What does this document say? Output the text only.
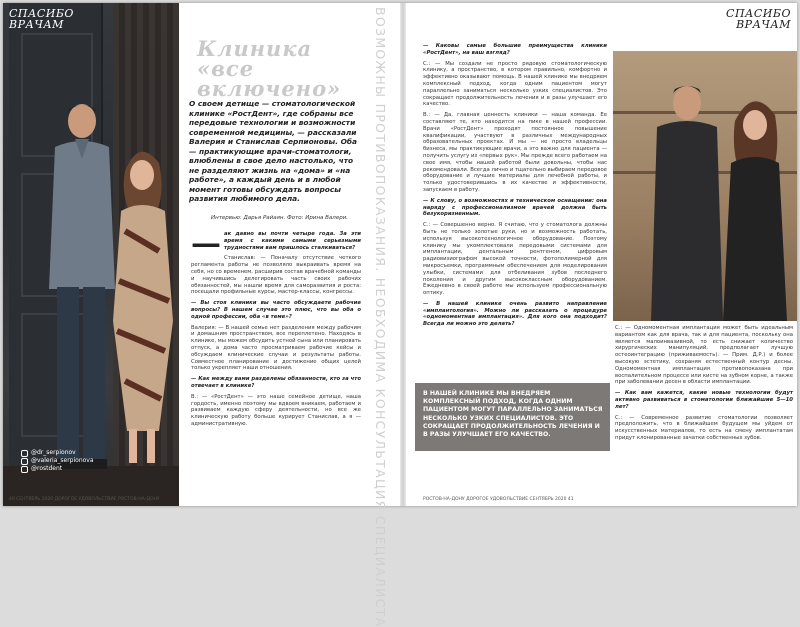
СПАСИБО
ВРАЧАМ
@dr_serpionov
@valeria_serpionova
@rostdent
Клиника
«все
включено»
О своем детище — стоматологической клинике «РостДент», где собраны все передовые технологии и возможности современной медицины, — рассказали Валерия и Станислав Серпионовы. Оба — практикующие врачи-стоматологи, влюблены в свое дело настолько, что не разделяют жизнь на «дома» и «на работе», а каждый день и в любой момент готовы обсуждать вопросы развития любимого дела.
Интервью: Дарья Райаян. Фото: Ирина Валери.

— ак давно вы почти четыре года. За эти время с какими самыми серьезными трудностями вам пришлось сталкиваться?

Станислав: — Поначалу отсутствие четкого регламента работы не позволяло выкраивать время на себя, но со временем, расширив состав врачебной команды и научившись делегировать часть своих рабочих обязанностей, мы нашли время для саморазвития и роста: посещали профильные курсы, мастер-классы, конгрессы.

— Вы стоя клиники вы часто обсуждаете рабочие вопросы? В нашем случае это плюс, что вы оба о одной профессии, оба «в теме»?

Валерия: — В нашей семье нет разделения между рабочим и домашним пространством, все переплетено. Находясь в клинике, мы можем обсудить устной сына или планировать отпуск, а дома часто просматриваем рабочие кейсы и обсуждаем клинические случаи и результаты работы. Совместное планирование и достижение общих целей только укрепляет наши отношения.

— Как между вами разделены обязанности, кто за что отвечает в клинике?

В.: — «РостДент» — это наше семейное детище, наша гордость, именно поэтому мы вдвоем вникаем, работаем и развиваем каждую сферу деятельности, но все же клиническую работу больше курирует Станислав, а я — административную.

40 СЕНТЯБРЬ 2020 ДОРОГОЕ УДОВОЛЬСТВИЕ РОСТОВ-НА-ДОНУ	ВОЗМОЖНЫ ПРОТИВОПОКАЗАНИЯ. НЕОБХОДИМА КОНСУЛЬТАЦИЯ СПЕЦИАЛИСТА	— Каковы самые большие преимущества клиники «РостДент», на ваш взгляд?

С.: — Мы создали не просто рядовую стоматологическую клинику, а пространство, в котором правильно, комфортно и эффективно оказывают помощь. В нашей клинике мы внедряем комплексный подход, когда одним пациентом могут параллельно заниматься несколько узких специалистов. Это сокращает продолжительность лечения и в разы улучшает его качество.

В.: — Да, главная ценность клиники — наша команда. Ее составляют те, кто находится на пике в нашей профессии. Врачи «РостДент» проходят постоянное повышение квалификации, участвуют в различных международных образовательных проектах. И мы — не просто владельцы бизнеса, мы практикующие врачи, а это важно для пациента — получить услугу из «первых рук». Мы прежде всего работаем на свое имя, чтобы нашей работой были довольны, чтобы нас рекомендовали. Всегда лично и тщательно выбираем передовое оборудование и лучшие материалы для лечебной работы, и только удостоверившись в их качестве и эффективности, запускаем в работу.

— К слову, о возможностях и техническом оснащении: она наряду с профессионализмом врачей должна быть безукоризненным.

С.: — Совершенно верно. Я считаю, что у стоматолога должны быть не только золотые руки, но и возможность работать, используя высокотехнологичное оборудование. Поэтому клинику мы укомплектовали передовыми системами для имплантации, дентальным рентгеном, цифровым радиовизиографом высокой точности, фотополимерной для микросъемки, программным обеспечением для моделирования улыбки, системами для отбеливания зубов последнего поколения и другим высококлассным оборудованием. Ежедневно в своей работе мы используем профессиональную оптику.

— В нашей клинике очень развито направление «имплантология». Можно ли рассказать о процедуре «одномоментная имплантация». Для кого она подходит? Всегда ли можно это делать?

В НАШЕЙ КЛИНИКЕ МЫ ВНЕДРЯЕМ КОМПЛЕКСНЫЙ ПОДХОД, КОГДА ОДНИМ ПАЦИЕНТОМ МОГУТ ПАРАЛЛЕЛЬНО ЗАНИМАТЬСЯ НЕСКОЛЬКО УЗКИХ СПЕЦИАЛИСТОВ. ЭТО СОКРАЩАЕТ ПРОДОЛЖИТЕЛЬНОСТЬ ЛЕЧЕНИЯ И В РАЗЫ УЛУЧШАЕТ ЕГО КАЧЕСТВО.
РОСТОВ-НА-ДОНУ ДОРОГОЕ УДОВОЛЬСТВИЕ СЕНТЯБРЬ 2020 41
СПАСИБО
ВРАЧАМ

С.: — Одномоментная имплантация может быть идеальным вариантом как для врача, так и для пациента, поскольку она является малоинвазивной, то есть снижает количество хирургических манипуляций, предполагает лучшую остеоинтеграцию (приживаемость). — Прим. Д.Р.) и более высокую эстетику, сохраняя естественный контур десны. Одномоментная имплантация противопоказана при воспалительном процессе или кисте на зубном корне, а также при заболевании десен в области имплантации.

— Как вам кажется, какие новые технологии будут активно развиваться в стоматологии ближайшие 5—10 лет?

С.: — Современное развитие стоматологии позволяет предположить, что в ближайшем будущем мы уйдем от искусственных материалов, то есть на смену имплантатам придут клонированные зачатки собственных зубов.
